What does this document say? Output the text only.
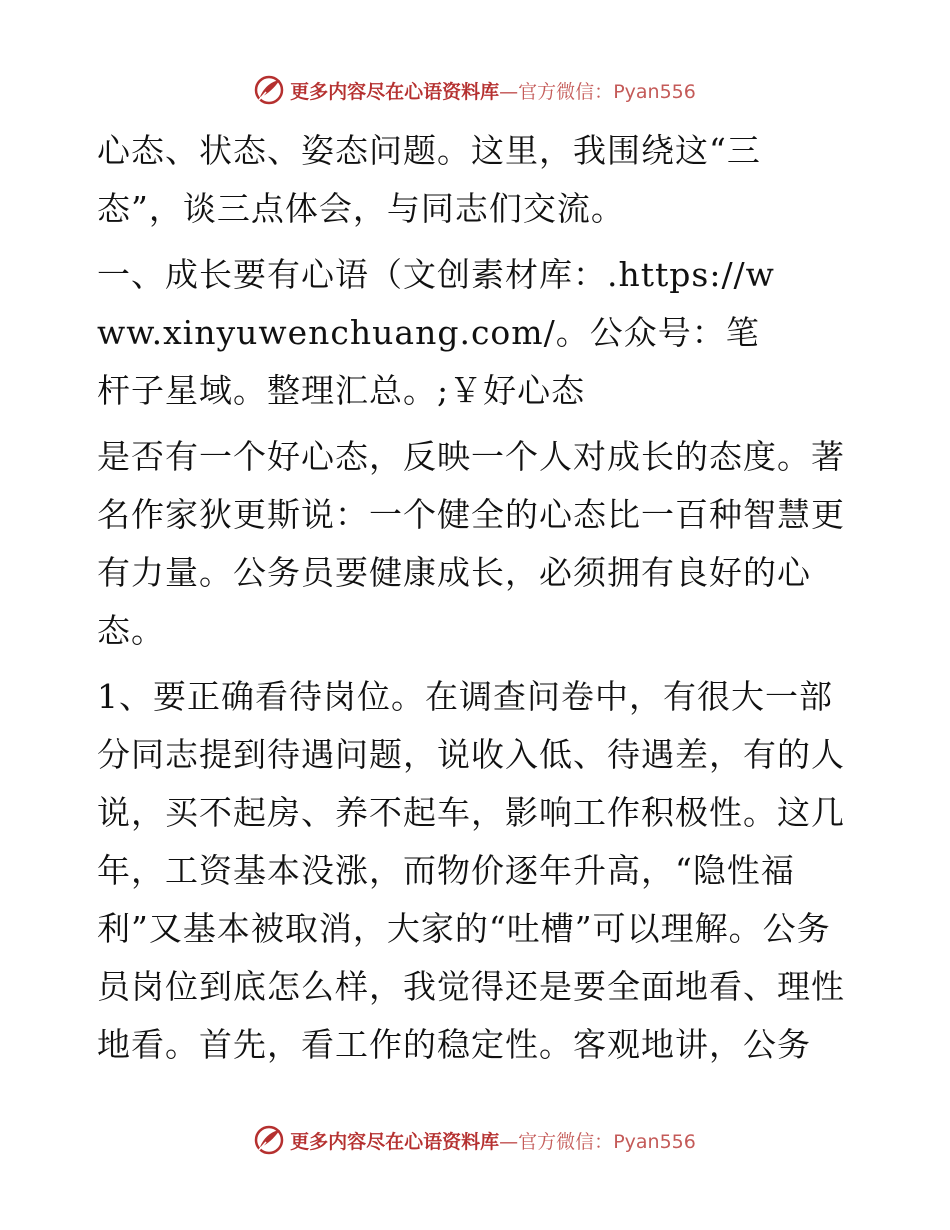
更多内容尽在心语资料库—官方微信：Pyan556

心态、状态、姿态问题。这里，我围绕这“三态”，谈三点体会，与同志们交流。

一、成长要有心语（文创素材库：.https://www.xinyuwenchuang.com/。公众号：笔杆子星域。整理汇总。;￥好心态

是否有一个好心态，反映一个人对成长的态度。著名作家狄更斯说：一个健全的心态比一百种智慧更有力量。公务员要健康成长，必须拥有良好的心态。

1、要正确看待岗位。在调查问卷中，有很大一部分同志提到待遇问题，说收入低、待遇差，有的人说，买不起房、养不起车，影响工作积极性。这几年，工资基本没涨，而物价逐年升高，“隐性福利”又基本被取消，大家的“吐槽”可以理解。公务员岗位到底怎么样，我觉得还是要全面地看、理性地看。首先，看工作的稳定性。客观地讲，公务

更多内容尽在心语资料库—官方微信：Pyan556
